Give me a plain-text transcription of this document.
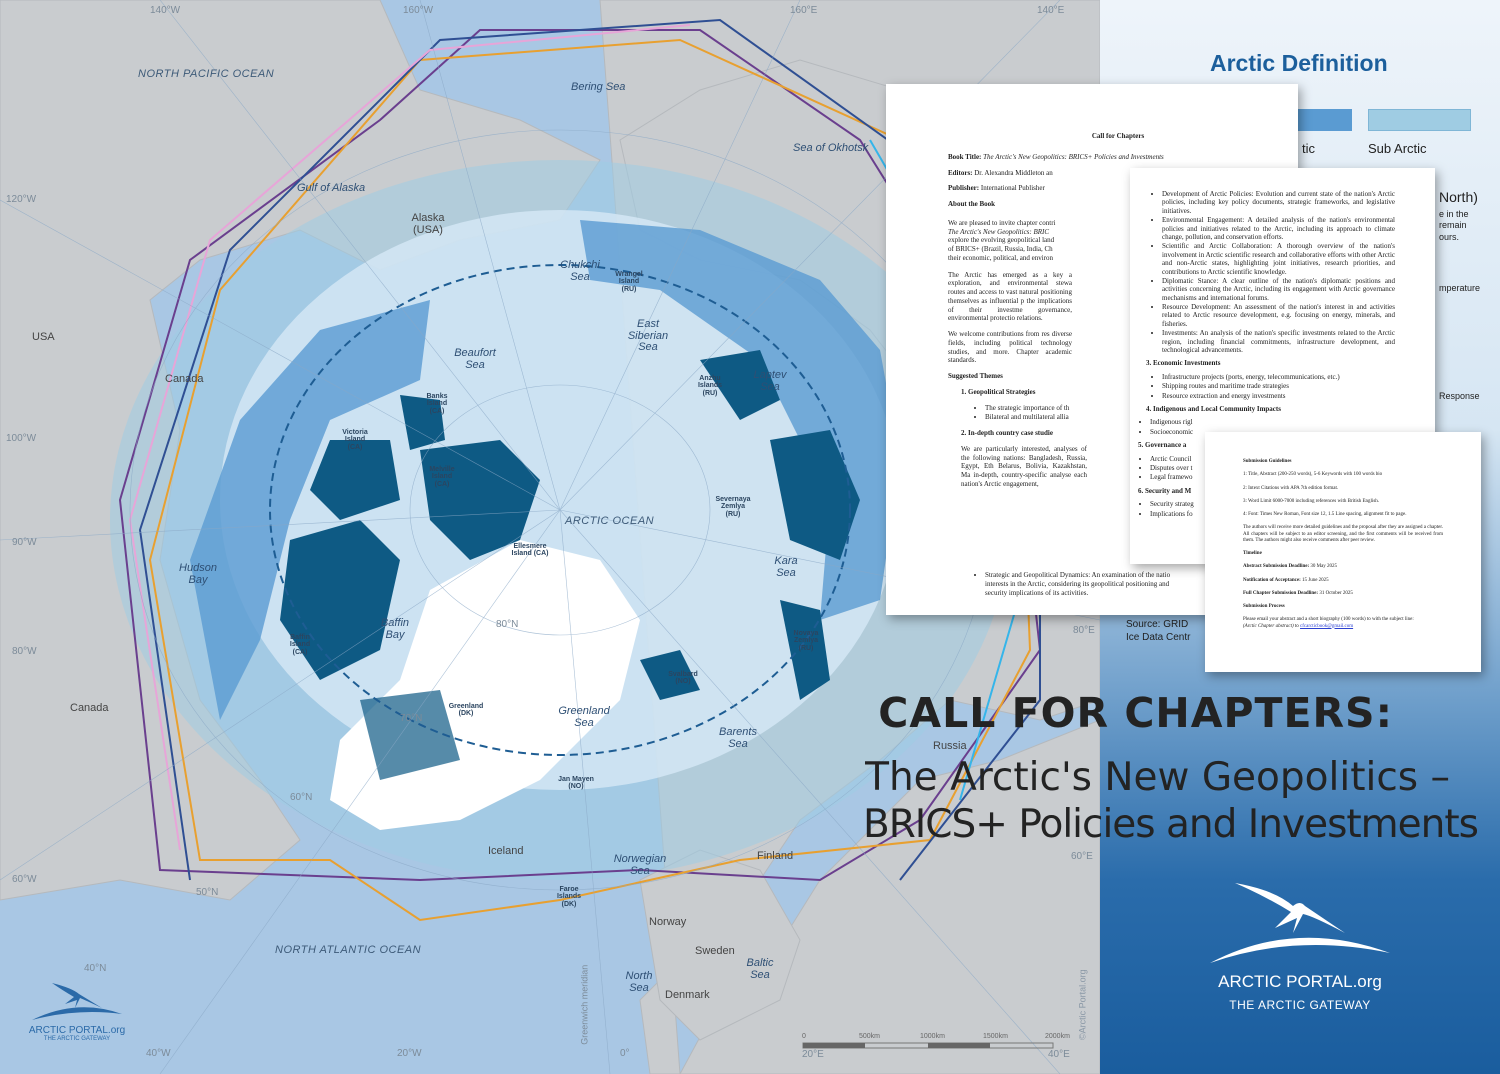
NORTH PACIFIC OCEAN
ARCTIC OCEAN
NORTH ATLANTIC OCEAN
Bering Sea
Sea of Okhotsk
Gulf of Alaska
Chukchi Sea
East Siberian Sea
Beaufort Sea
Laptev Sea
Kara Sea
Hudson Bay
Baffin Bay
Greenland Sea
Barents Sea
Norwegian Sea
North Sea
Baltic Sea
USA
Canada
Alaska (USA)
Canada
Russia
Finland
Norway
Sweden
Denmark
Iceland
Wrangel Island (RU)
Banks Island (CA)
Victoria Island (CA)
Melville Island (CA)
Ellesmere Island (CA)
Baffin Island (CA)
Greenland (DK)
Anzhu Islands (RU)
Severnaya Zemlya (RU)
Novaya Zemlya (RU)
Svalbard (NO)
Jan Mayen (NO)
Faroe Islands (DK)
140°W	160°W	160°E	140°E
120°W
100°W
90°W
80°W
60°W
40°N
40°W	20°W	0°
50°N
60°N
70°N
80°N
80°E
60°E
20°E	40°E
Greenwich meridian	0	500km	1000km	1500km	2000km ©Arctic Portal.org
Arctic Definition
tic	Sub Arctic
North)
e in the
remain
ours.
mperature
Response
Source: GRID
Ice Data Centr
Call for Chapters

Book Title: The Arctic's New Geopolitics: BRICS+ Policies and Investments

Editors: Dr. Alexandra Middleton an

Publisher: International Publisher

About the Book

We are pleased to invite chapter contri
The Arctic's New Geopolitics: BRIC
explore the evolving geopolitical land
of BRICS+ (Brazil, Russia, India, Ch
their economic, political, and environ

The Arctic has emerged as a key a exploration, and environmental stewa routes and access to vast natural positioning themselves as influential p the implications of their investme governance, environmental protectio relations.

We welcome contributions from res diverse fields, including political technology studies, and more. Chapter academic standards.

Suggested Themes

1. Geopolitical Strategies

• The strategic importance of th
• Bilateral and multilateral allia

2. In-depth country case studie

We are particularly interested, analyses of the following nations: Bangladesh, Russia, Egypt, Eth Belarus, Bolivia, Kazakhstan, Ma in-depth, country-specific analyse each nation's Arctic engagement,

• Strategic and Geopolitical Dynamics: An examination of the natio interests in the Arctic, considering its geopolitical positioning and security implications of its activities.
• Development of Arctic Policies: Evolution and current state of the nation's Arctic policies, including key policy documents, strategic frameworks, and legislative initiatives.
• Environmental Engagement: A detailed analysis of the nation's environmental policies and initiatives related to the Arctic, including its approach to climate change, pollution, and conservation efforts.
• Scientific and Arctic Collaboration: A thorough overview of the nation's involvement in Arctic scientific research and collaborative efforts with other Arctic and non-Arctic states, highlighting joint initiatives, research priorities, and contributions to Arctic scientific knowledge.
• Diplomatic Stance: A clear outline of the nation's diplomatic positions and activities concerning the Arctic, including its engagement with Arctic governance mechanisms and international forums.
• Resource Development: An assessment of the nation's interest in and activities related to Arctic resource development, e.g. focusing on energy, minerals, and fisheries.
• Investments: An analysis of the nation's specific investments related to the Arctic region, including financial commitments, infrastructure development, and technological advancements.

3. Economic Investments

• Infrastructure projects (ports, energy, telecommunications, etc.)
• Shipping routes and maritime trade strategies
• Resource extraction and energy investments

4. Indigenous and Local Community Impacts

• Indigenous rigl
• Socioeconomic

5. Governance a

• Arctic Council
• Disputes over t
• Legal framewo

6. Security and M

• Security strateg
• Implications fo

Submission Guidelines

1: Title, Abstract (200-250 words), 5-6 Keywords with 100 words bio

2: Intext Citations with APA 7th edition format.

3: Word Limit 6000-7000 including references with British English.

4: Font: Times New Roman, Font size 12, 1.5 Line spacing, alignment fit to page.

The authors will receive more detailed guidelines and the proposal after they are assigned a chapter. All chapters will be subject to an editor screening, and the first comments will be received from them. The authors might also receive comments after peer review.

Timeline

Abstract Submission Deadline: 30 May 2025

Notification of Acceptance: 15 June 2025

Full Chapter Submission Deadline: 31 October 2025

Submission Process

Please email your abstract and a short biography (100 words) to with the subject line:
(Arctic Chapter abstract) to cfcarcticbook@gmail.com
CALL FOR CHAPTERS:
The Arctic's New Geopolitics –
BRICS+ Policies and Investments
ARCTIC PORTAL.org
THE ARCTIC GATEWAY
ARCTIC PORTAL.org
THE ARCTIC GATEWAY
